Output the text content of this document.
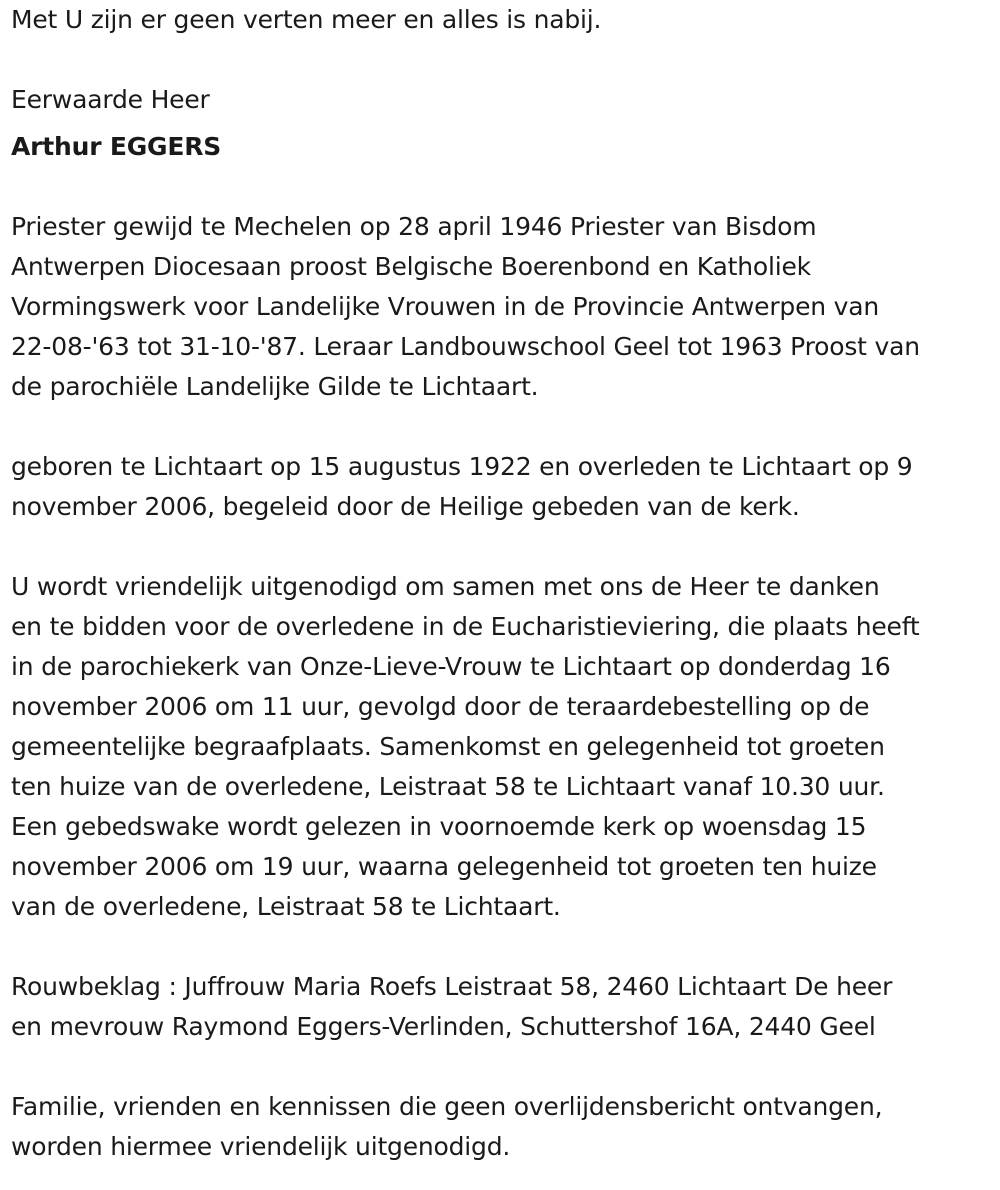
Met U zijn er geen verten meer en alles is nabij.

Eerwaarde Heer

Arthur EGGERS

Priester gewijd te Mechelen op 28 april 1946 Priester van Bisdom
Antwerpen Diocesaan proost Belgische Boerenbond en Katholiek
Vormingswerk voor Landelijke Vrouwen in de Provincie Antwerpen van
22-08-'63 tot 31-10-'87. Leraar Landbouwschool Geel tot 1963 Proost van
de parochiële Landelijke Gilde te Lichtaart.
geboren te Lichtaart op 15 augustus 1922 en overleden te Lichtaart op 9
november 2006, begeleid door de Heilige gebeden van de kerk.
U wordt vriendelijk uitgenodigd om samen met ons de Heer te danken
en te bidden voor de overledene in de Eucharistieviering, die plaats heeft
in de parochiekerk van Onze-Lieve-Vrouw te Lichtaart op donderdag 16
november 2006 om 11 uur, gevolgd door de teraardebestelling op de
gemeentelijke begraafplaats. Samenkomst en gelegenheid tot groeten
ten huize van de overledene, Leistraat 58 te Lichtaart vanaf 10.30 uur.
Een gebedswake wordt gelezen in voornoemde kerk op woensdag 15
november 2006 om 19 uur, waarna gelegenheid tot groeten ten huize
van de overledene, Leistraat 58 te Lichtaart.
Rouwbeklag : Juffrouw Maria Roefs Leistraat 58, 2460 Lichtaart De heer
en mevrouw Raymond Eggers-Verlinden, Schuttershof 16A, 2440 Geel
Familie, vrienden en kennissen die geen overlijdensbericht ontvangen,
worden hiermee vriendelijk uitgenodigd.
